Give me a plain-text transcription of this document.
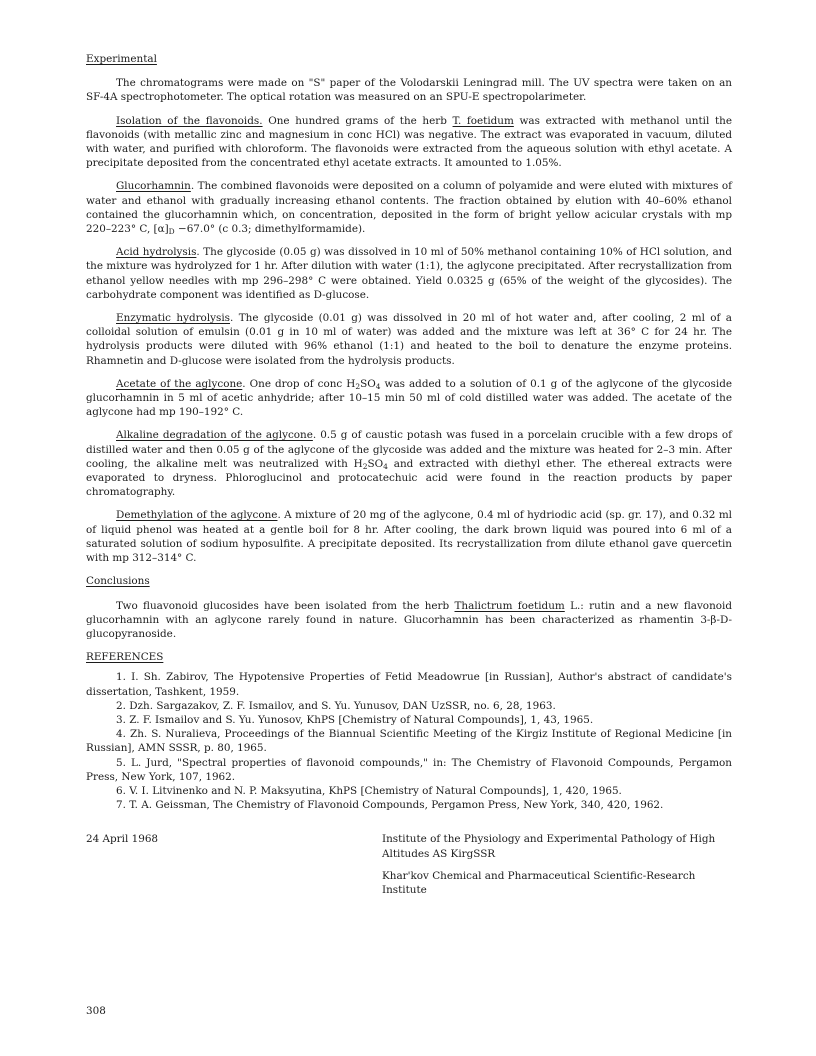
Experimental

The chromatograms were made on "S" paper of the Volodarskii Leningrad mill. The UV spectra were taken on an SF-4A spectrophotometer. The optical rotation was measured on an SPU-E spectropolarimeter.

Isolation of the flavonoids. One hundred grams of the herb T. foetidum was extracted with methanol until the flavonoids (with metallic zinc and magnesium in conc HCl) was negative. The extract was evaporated in vacuum, diluted with water, and purified with chloroform. The flavonoids were extracted from the aqueous solution with ethyl acetate. A precipitate deposited from the concentrated ethyl acetate extracts. It amounted to 1.05%.

Glucorhamnin. The combined flavonoids were deposited on a column of polyamide and were eluted with mixtures of water and ethanol with gradually increasing ethanol contents. The fraction obtained by elution with 40–60% ethanol contained the glucorhamnin which, on concentration, deposited in the form of bright yellow acicular crystals with mp 220–223° C, $[\alpha]_D -67.0^\circ$ (c 0.3; dimethylformamide).

Acid hydrolysis. The glycoside (0.05 g) was dissolved in 10 ml of 50% methanol containing 10% of HCl solution, and the mixture was hydrolyzed for 1 hr. After dilution with water (1:1), the aglycone precipitated. After recrystallization from ethanol yellow needles with mp 296–298° C were obtained. Yield 0.0325 g (65% of the weight of the glycosides). The carbohydrate component was identified as D-glucose.

Enzymatic hydrolysis. The glycoside (0.01 g) was dissolved in 20 ml of hot water and, after cooling, 2 ml of a colloidal solution of emulsin (0.01 g in 10 ml of water) was added and the mixture was left at 36° C for 24 hr. The hydrolysis products were diluted with 96% ethanol (1:1) and heated to the boil to denature the enzyme proteins. Rhamnetin and D-glucose were isolated from the hydrolysis products.

Acetate of the aglycone. One drop of conc $H_2SO_4$ was added to a solution of 0.1 g of the aglycone of the glycoside glucorhamnin in 5 ml of acetic anhydride; after 10–15 min 50 ml of cold distilled water was added. The acetate of the aglycone had mp 190–192° C.

Alkaline degradation of the aglycone. 0.5 g of caustic potash was fused in a porcelain crucible with a few drops of distilled water and then 0.05 g of the aglycone of the glycoside was added and the mixture was heated for 2–3 min. After cooling, the alkaline melt was neutralized with $H_2SO_4$ and extracted with diethyl ether. The ethereal extracts were evaporated to dryness. Phloroglucinol and protocatechuic acid were found in the reaction products by paper chromatography.

Demethylation of the aglycone. A mixture of 20 mg of the aglycone, 0.4 ml of hydriodic acid (sp. gr. 17), and 0.32 ml of liquid phenol was heated at a gentle boil for 8 hr. After cooling, the dark brown liquid was poured into 6 ml of a saturated solution of sodium hyposulfite. A precipitate deposited. Its recrystallization from dilute ethanol gave quercetin with mp 312–314° C.

Conclusions

Two fluavonoid glucosides have been isolated from the herb Thalictrum foetidum L.: rutin and a new flavonoid glucorhamnin with an aglycone rarely found in nature. Glucorhamnin has been characterized as rhamentin 3-β-D-glucopyranoside.

REFERENCES
1. I. Sh. Zabirov, The Hypotensive Properties of Fetid Meadowrue [in Russian], Author's abstract of candidate's dissertation, Tashkent, 1959.
2. Dzh. Sargazakov, Z. F. Ismailov, and S. Yu. Yunusov, DAN UzSSR, no. 6, 28, 1963.
3. Z. F. Ismailov and S. Yu. Yunosov, KhPS [Chemistry of Natural Compounds], 1, 43, 1965.
4. Zh. S. Nuralieva, Proceedings of the Biannual Scientific Meeting of the Kirgiz Institute of Regional Medicine [in Russian], AMN SSSR, p. 80, 1965.
5. L. Jurd, "Spectral properties of flavonoid compounds," in: The Chemistry of Flavonoid Compounds, Pergamon Press, New York, 107, 1962.
6. V. I. Litvinenko and N. P. Maksyutina, KhPS [Chemistry of Natural Compounds], 1, 420, 1965.
7. T. A. Geissman, The Chemistry of Flavonoid Compounds, Pergamon Press, New York, 340, 420, 1962.
24 April 1968	Institute of the Physiology and Experimental Pathology of High Altitudes AS KirgSSR
Khar'kov Chemical and Pharmaceutical Scientific-Research Institute
308
